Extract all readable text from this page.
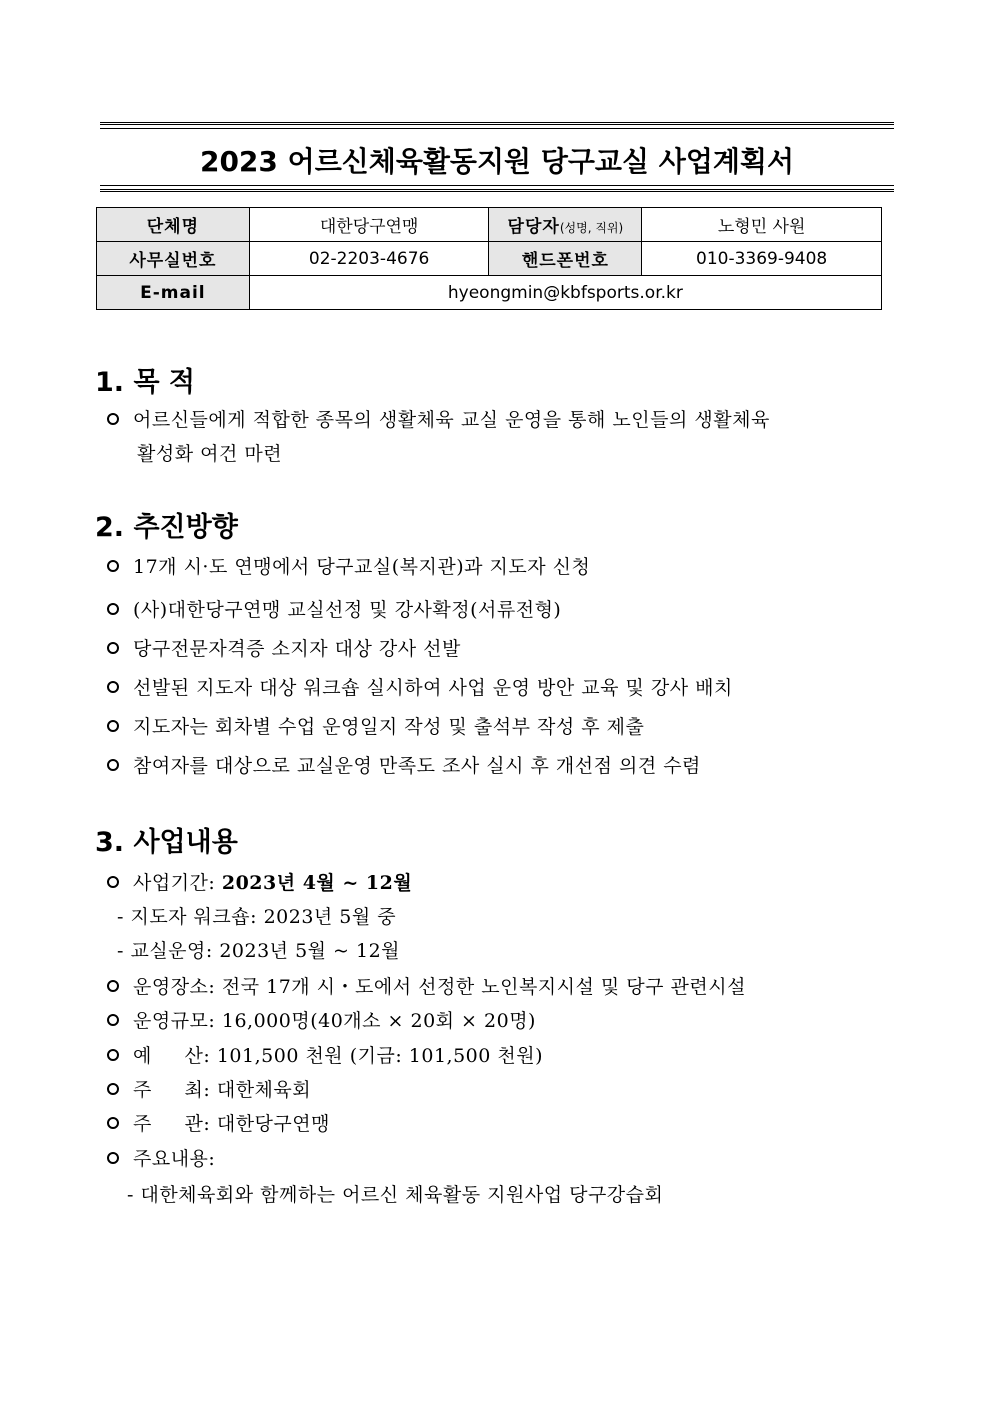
2023 어르신체육활동지원 당구교실 사업계획서
단체명	대한당구연맹	담당자(성명, 직위)	노형민 사원
사무실번호	02-2203-4676	핸드폰번호	010-3369-9408
E-mail	hyeongmin@kbfsports.or.kr		
1. 목 적
어르신들에게 적합한 종목의 생활체육 교실 운영을 통해 노인들의 생활체육
활성화 여건 마련
2. 추진방향
17개 시·도 연맹에서 당구교실(복지관)과 지도자 신청
(사)대한당구연맹 교실선정 및 강사확정(서류전형)
당구전문자격증 소지자 대상 강사 선발
선발된 지도자 대상 워크숍 실시하여 사업 운영 방안 교육 및 강사 배치
지도자는 회차별 수업 운영일지 작성 및 출석부 작성 후 제출
참여자를 대상으로 교실운영 만족도 조사 실시 후 개선점 의견 수렴
3. 사업내용
사업기간: 2023년 4월 ~ 12월
- 지도자 워크숍: 2023년 5월 중
- 교실운영: 2023년 5월 ~ 12월
운영장소: 전국 17개 시・도에서 선정한 노인복지시설 및 당구 관련시설
운영규모: 16,000명(40개소 × 20회 × 20명)
예     산: 101,500 천원 (기금: 101,500 천원)
주     최: 대한체육회
주     관: 대한당구연맹
주요내용:
- 대한체육회와 함께하는 어르신 체육활동 지원사업 당구강습회
